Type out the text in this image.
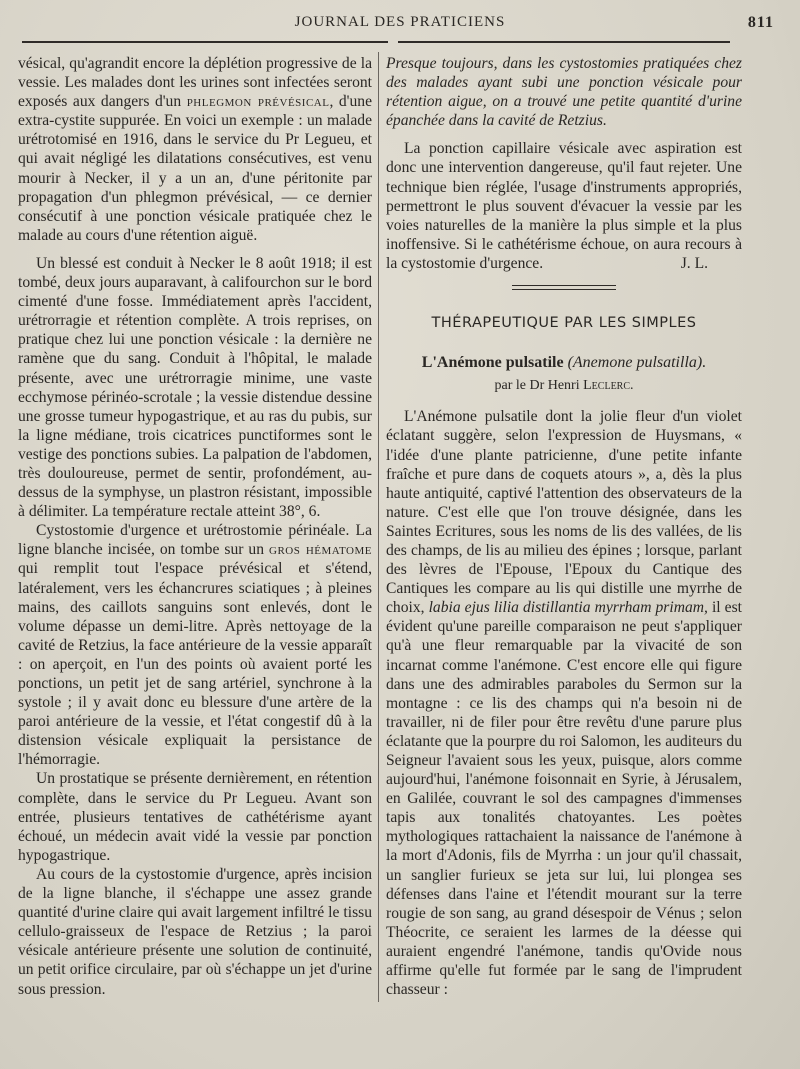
JOURNAL DES PRATICIENS	811

vésical, qu'agrandit encore la déplétion progressive de la vessie. Les malades dont les urines sont infectées seront exposés aux dangers d'un phlegmon prévésical, d'une extra-cystite suppurée. En voici un exemple : un malade urétrotomisé en 1916, dans le service du Pr Legueu, et qui avait négligé les dilatations consécutives, est venu mourir à Necker, il y a un an, d'une péritonite par propagation d'un phlegmon prévésical, — ce dernier consécutif à une ponction vésicale pratiquée chez le malade au cours d'une rétention aiguë.

Un blessé est conduit à Necker le 8 août 1918; il est tombé, deux jours auparavant, à califourchon sur le bord cimenté d'une fosse. Immédiatement après l'accident, urétrorragie et rétention complète. A trois reprises, on pratique chez lui une ponction vésicale : la dernière ne ramène que du sang. Conduit à l'hôpital, le malade présente, avec une urétrorragie minime, une vaste ecchymose périnéo-scrotale ; la vessie distendue dessine une grosse tumeur hypogastrique, et au ras du pubis, sur la ligne médiane, trois cicatrices punctiformes sont le vestige des ponctions subies. La palpation de l'abdomen, très douloureuse, permet de sentir, profondément, au-dessus de la symphyse, un plastron résistant, impossible à délimiter. La température rectale atteint 38°, 6.

Cystostomie d'urgence et urétrostomie périnéale. La ligne blanche incisée, on tombe sur un gros hématome qui remplit tout l'espace prévésical et s'étend, latéralement, vers les échancrures sciatiques ; à pleines mains, des caillots sanguins sont enlevés, dont le volume dépasse un demi-litre. Après nettoyage de la cavité de Retzius, la face antérieure de la vessie apparaît : on aperçoit, en l'un des points où avaient porté les ponctions, un petit jet de sang artériel, synchrone à la systole ; il y avait donc eu blessure d'une artère de la paroi antérieure de la vessie, et l'état congestif dû à la distension vésicale expliquait la persistance de l'hémorragie.

Un prostatique se présente dernièrement, en rétention complète, dans le service du Pr Legueu. Avant son entrée, plusieurs tentatives de cathétérisme ayant échoué, un médecin avait vidé la vessie par ponction hypogastrique.

Au cours de la cystostomie d'urgence, après incision de la ligne blanche, il s'échappe une assez grande quantité d'urine claire qui avait largement infiltré le tissu cellulo-graisseux de l'espace de Retzius ; la paroi vésicale antérieure présente une solution de continuité, un petit orifice circulaire, par où s'échappe un jet d'urine sous pression.

Presque toujours, dans les cystostomies pratiquées chez des malades ayant subi une ponction vésicale pour rétention aigue, on a trouvé une petite quantité d'urine épanchée dans la cavité de Retzius.

La ponction capillaire vésicale avec aspiration est donc une intervention dangereuse, qu'il faut rejeter. Une technique bien réglée, l'usage d'instruments appropriés, permettront le plus souvent d'évacuer la vessie par les voies naturelles de la manière la plus simple et la plus inoffensive. Si le cathétérisme échoue, on aura recours à la cystostomie d'urgence.	J. L.

THÉRAPEUTIQUE PAR LES SIMPLES
L'Anémone pulsatile (Anemone pulsatilla).
par le Dr Henri Leclerc.

L'Anémone pulsatile dont la jolie fleur d'un violet éclatant suggère, selon l'expression de Huysmans, « l'idée d'une plante patricienne, d'une petite infante fraîche et pure dans de coquets atours », a, dès la plus haute antiquité, captivé l'attention des observateurs de la nature. C'est elle que l'on trouve désignée, dans les Saintes Ecritures, sous les noms de lis des vallées, de lis des champs, de lis au milieu des épines ; lorsque, parlant des lèvres de l'Epouse, l'Epoux du Cantique des Cantiques les compare au lis qui distille une myrrhe de choix, labia ejus lilia distillantia myrrham primam, il est évident qu'une pareille comparaison ne peut s'appliquer qu'à une fleur remarquable par la vivacité de son incarnat comme l'anémone. C'est encore elle qui figure dans une des admirables paraboles du Sermon sur la montagne : ce lis des champs qui n'a besoin ni de travailler, ni de filer pour être revêtu d'une parure plus éclatante que la pourpre du roi Salomon, les auditeurs du Seigneur l'avaient sous les yeux, puisque, alors comme aujourd'hui, l'anémone foisonnait en Syrie, à Jérusalem, en Galilée, couvrant le sol des campagnes d'immenses tapis aux tonalités chatoyantes. Les poètes mythologiques rattachaient la naissance de l'anémone à la mort d'Adonis, fils de Myrrha : un jour qu'il chassait, un sanglier furieux se jeta sur lui, lui plongea ses défenses dans l'aine et l'étendit mourant sur la terre rougie de son sang, au grand désespoir de Vénus ; selon Théocrite, ce seraient les larmes de la déesse qui auraient engendré l'anémone, tandis qu'Ovide nous affirme qu'elle fut formée par le sang de l'imprudent chasseur :
